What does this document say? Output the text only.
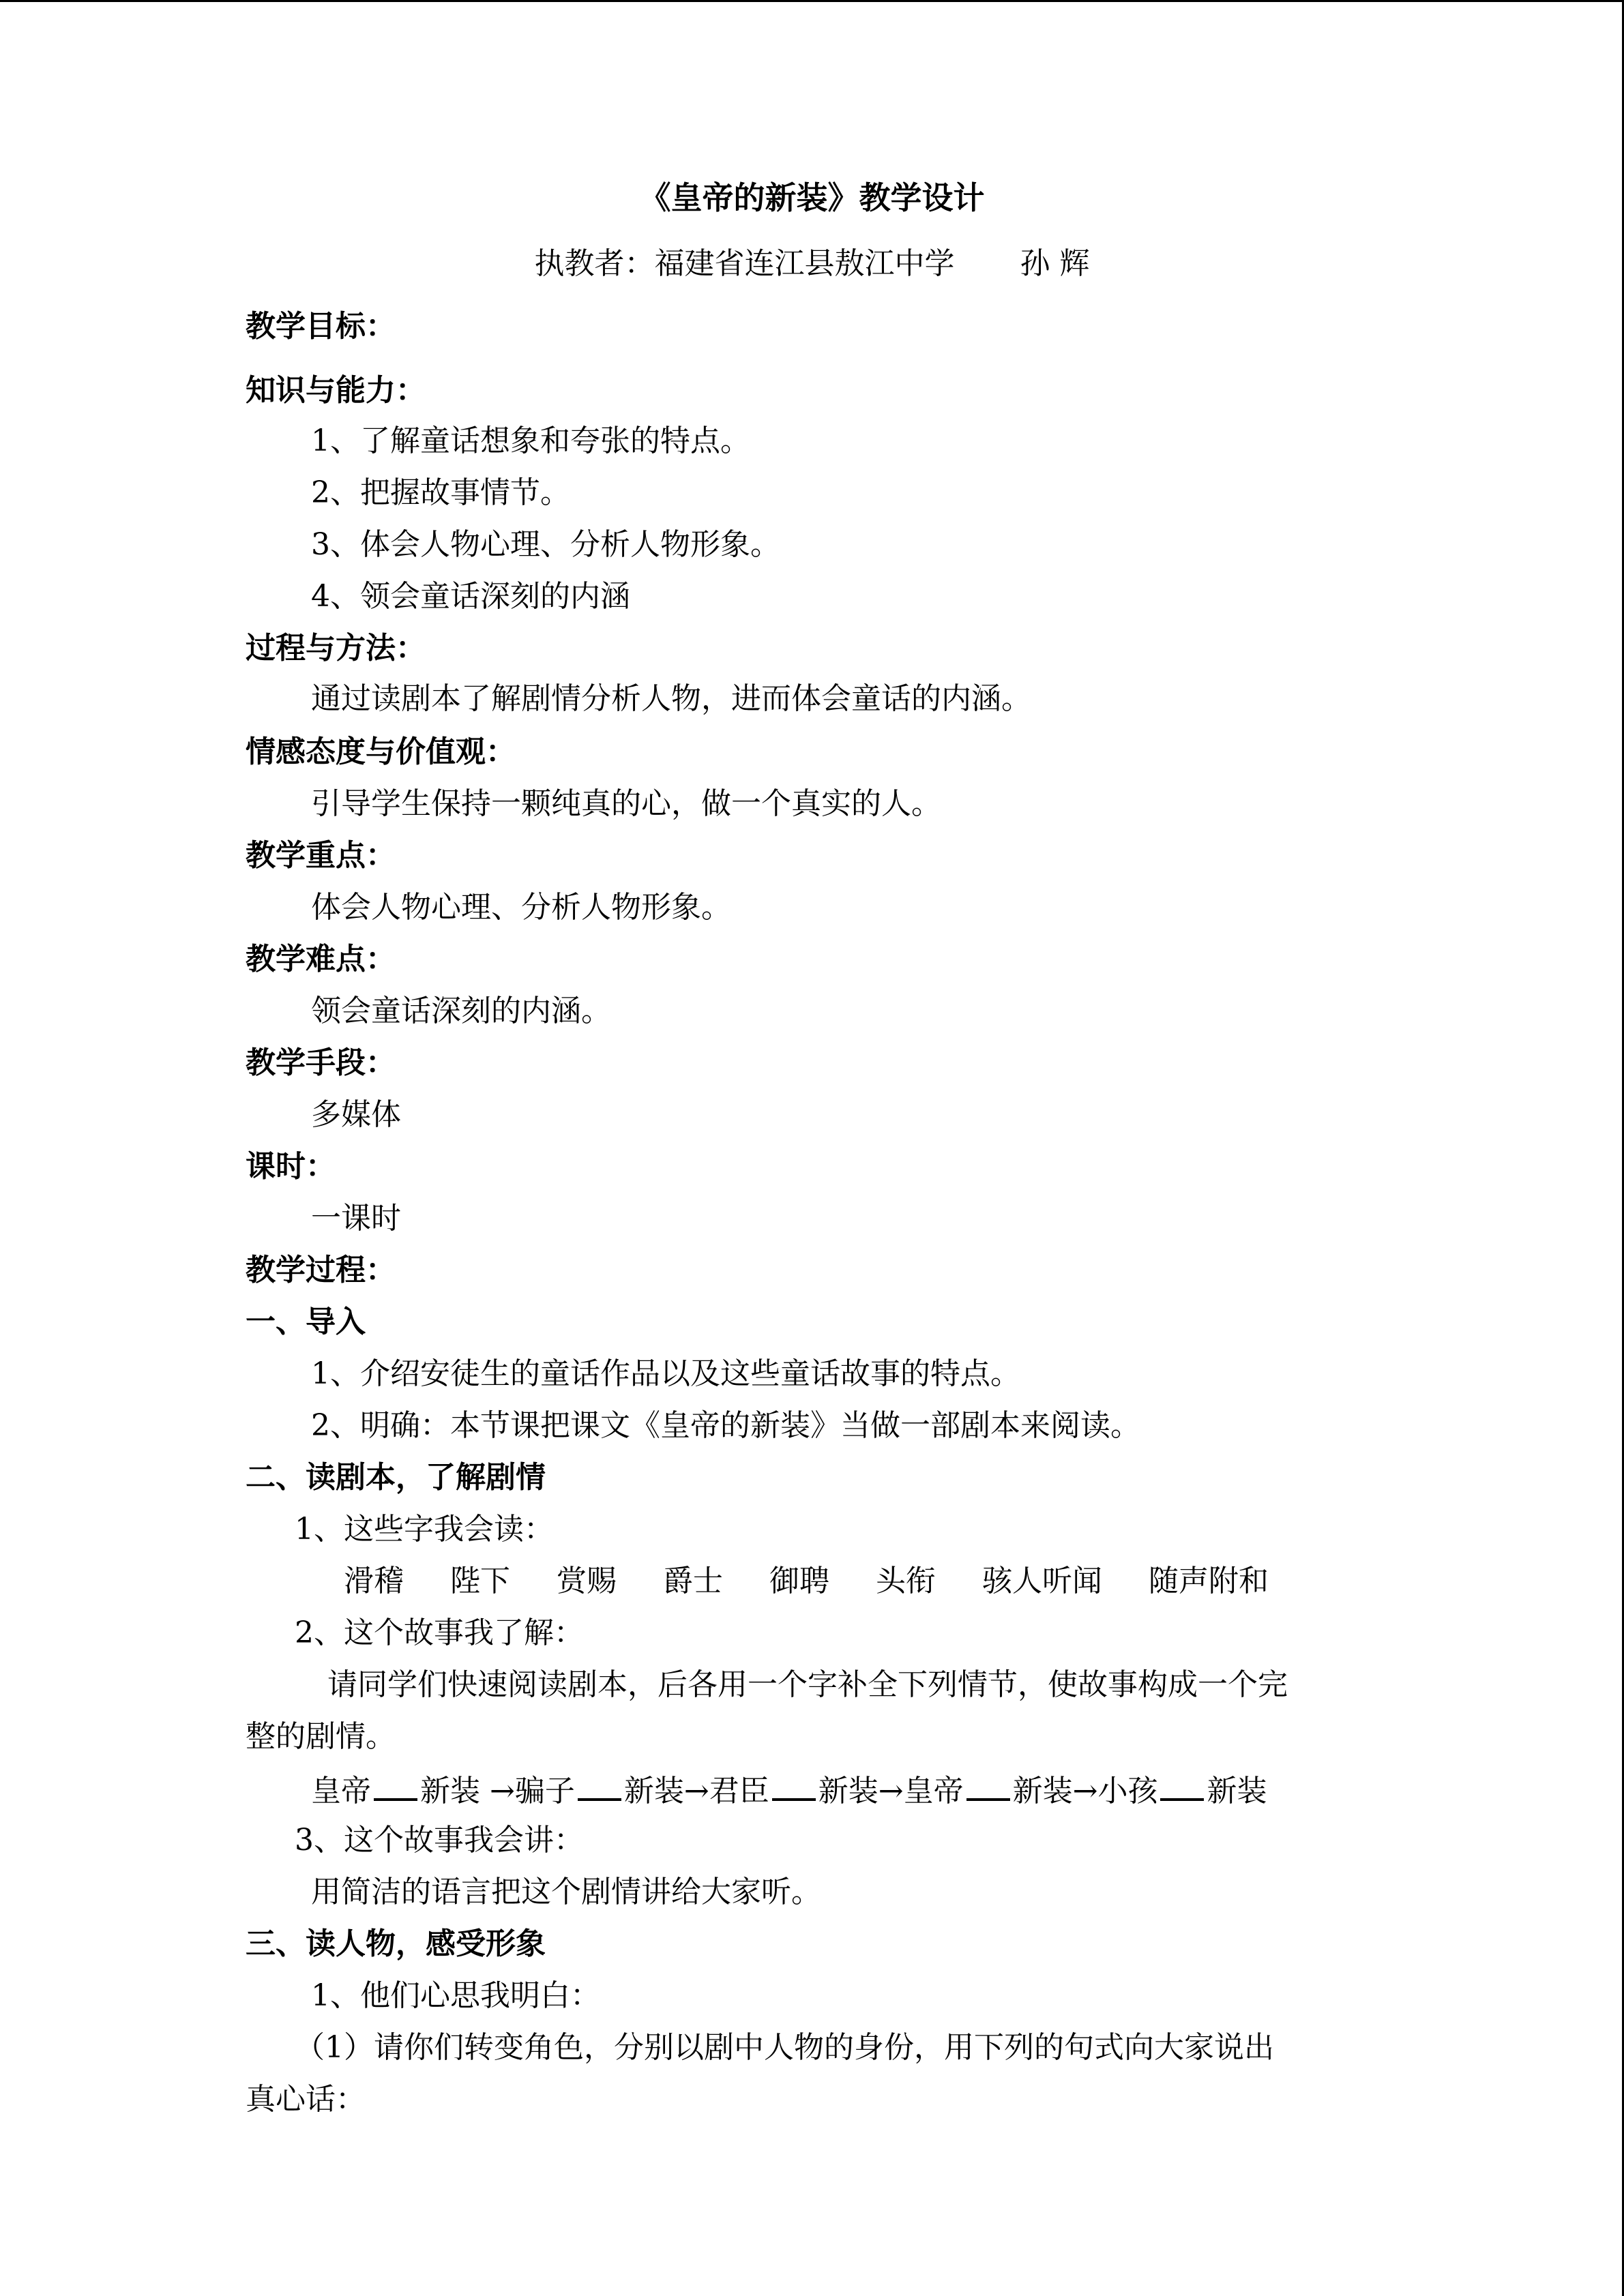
《皇帝的新装》教学设计
执教者：福建省连江县敖江中学 孙 辉
教学目标：
知识与能力：
1、了解童话想象和夸张的特点。
2、把握故事情节。
3、体会人物心理、分析人物形象。
4、领会童话深刻的内涵
过程与方法：
通过读剧本了解剧情分析人物，进而体会童话的内涵。
情感态度与价值观：
引导学生保持一颗纯真的心，做一个真实的人。
教学重点：
体会人物心理、分析人物形象。
教学难点：
领会童话深刻的内涵。
教学手段：
多媒体
课时：
一课时
教学过程：
一、导入
1、介绍安徒生的童话作品以及这些童话故事的特点。
2、明确：本节课把课文《皇帝的新装》当做一部剧本来阅读。
二、读剧本，了解剧情
1、这些字我会读：
滑稽 陛下 赏赐 爵士 御聘 头衔 骇人听闻 随声附和
2、这个故事我了解：
请同学们快速阅读剧本，后各用一个字补全下列情节，使故事构成一个完
整的剧情。
皇帝 新装 →骗子 新装→君臣 新装→皇帝 新装→小孩 新装
3、这个故事我会讲：
用简洁的语言把这个剧情讲给大家听。
三、读人物，感受形象
1、他们心思我明白：
（1）请你们转变角色，分别以剧中人物的身份，用下列的句式向大家说出
真心话：
